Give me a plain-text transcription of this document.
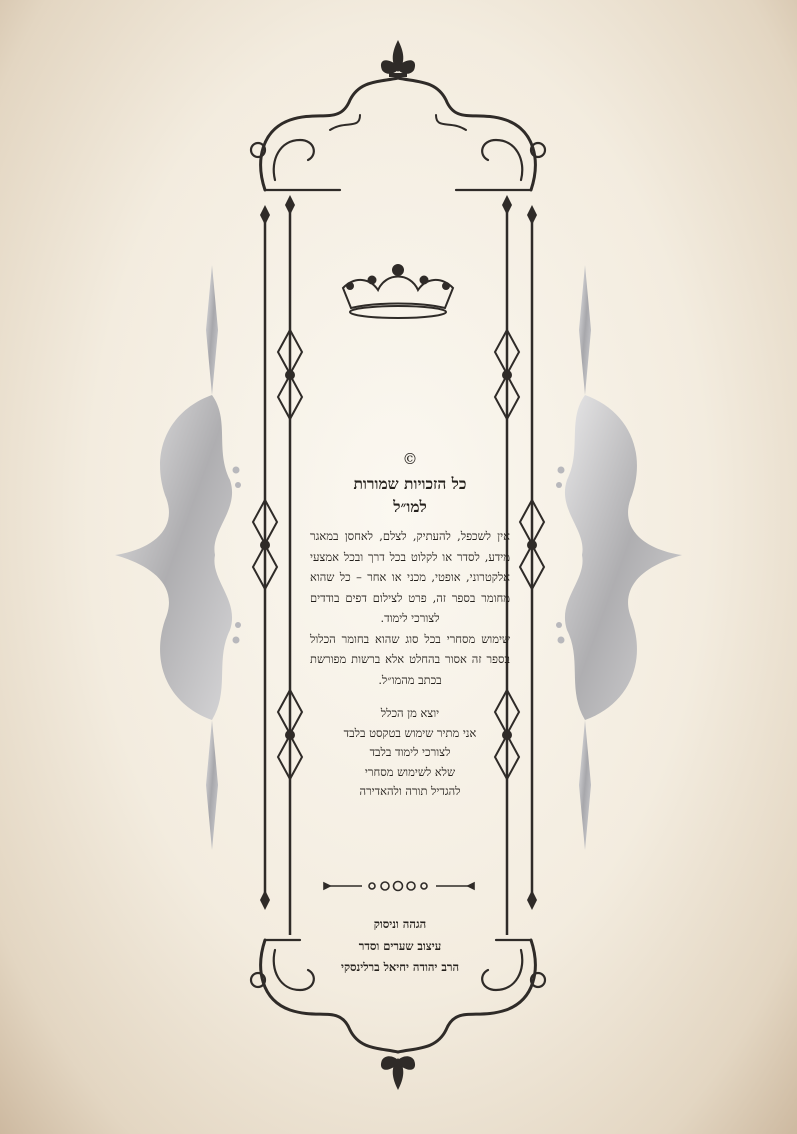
©

כל הזכויות שמורות
למו״ל

אין לשכפל, להעתיק, לצלם, לאחסן במאגר מידע, לסדר או לקלוט בכל דרך ובכל אמצעי אלקטרוני, אופטי, מכני או אחר – כל שהוא מחומר בספר זה, פרט לצילום דפים בודדים לצורכי לימוד.

שימוש מסחרי בכל סוג שהוא בחומר הכלול בספר זה אסור בהחלט אלא ברשות מפורשת בכתב מהמו״ל.

יוצא מן הכלל
אני מתיר שימוש בטקסט בלבד
לצורכי לימוד בלבד
שלא לשימוש מסחרי
להגדיל תורה ולהאדירה
הגהה וניסוק
עיצוב שערים וסדר
הרב יהודה יחיאל ברלינסקי
